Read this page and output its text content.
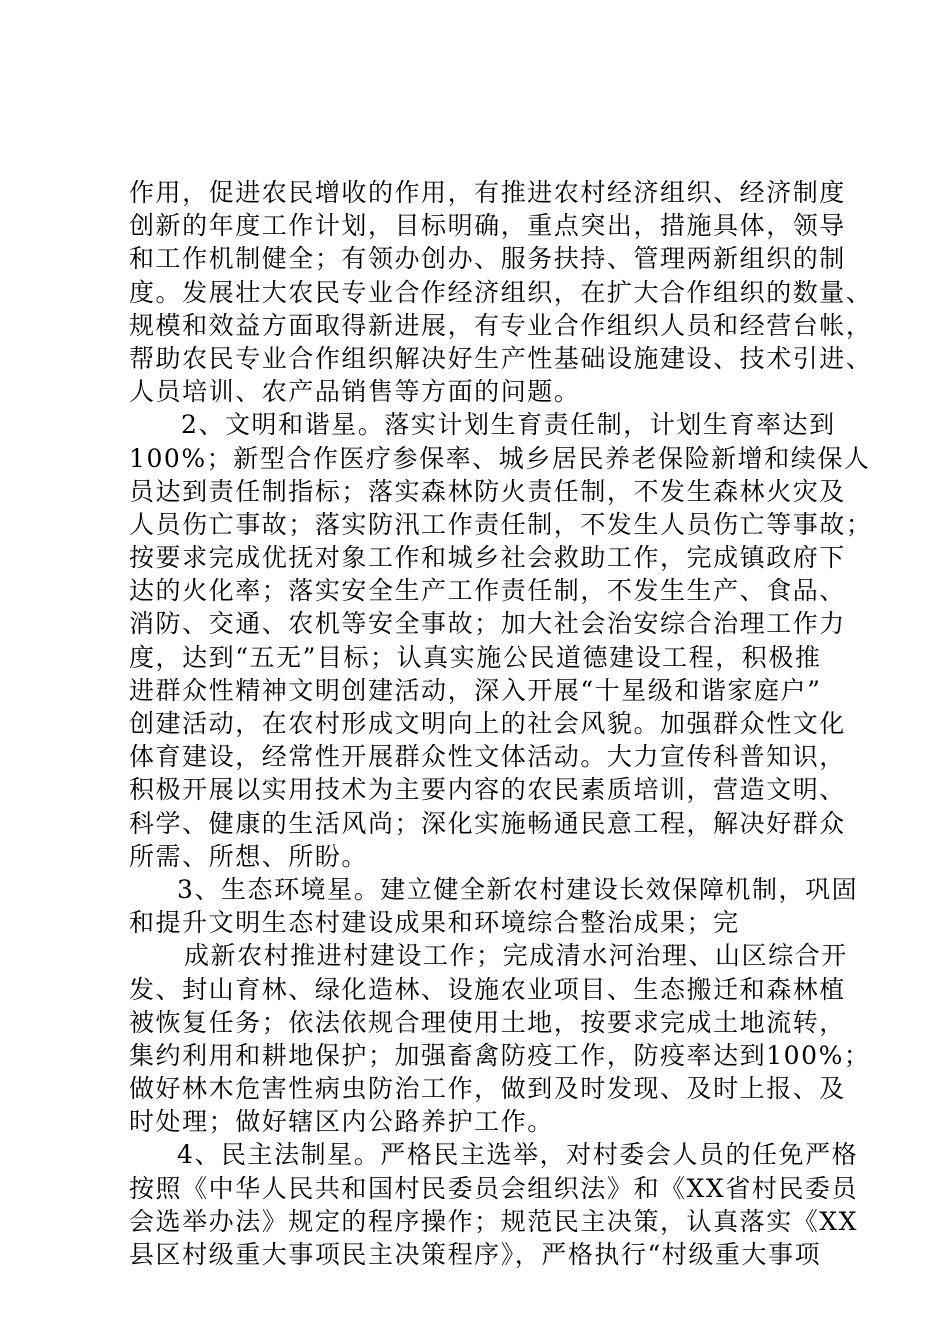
作用，促进农民增收的作用，有推进农村经济组织、经济制度
创新的年度工作计划，目标明确，重点突出，措施具体，领导
和工作机制健全；有领办创办、服务扶持、管理两新组织的制
度。发展壮大农民专业合作经济组织，在扩大合作组织的数量、
规模和效益方面取得新进展，有专业合作组织人员和经营台帐，
帮助农民专业合作组织解决好生产性基础设施建设、技术引进、
人员培训、农产品销售等方面的问题。
2、文明和谐星。落实计划生育责任制，计划生育率达到
100%；新型合作医疗参保率、城乡居民养老保险新增和续保人
员达到责任制指标；落实森林防火责任制，不发生森林火灾及
人员伤亡事故；落实防汛工作责任制，不发生人员伤亡等事故；
按要求完成优抚对象工作和城乡社会救助工作，完成镇政府下
达的火化率；落实安全生产工作责任制，不发生生产、食品、
消防、交通、农机等安全事故；加大社会治安综合治理工作力
度，达到“五无”目标；认真实施公民道德建设工程，积极推
进群众性精神文明创建活动，深入开展“十星级和谐家庭户”
创建活动，在农村形成文明向上的社会风貌。加强群众性文化
体育建设，经常性开展群众性文体活动。大力宣传科普知识，
积极开展以实用技术为主要内容的农民素质培训，营造文明、
科学、健康的生活风尚；深化实施畅通民意工程，解决好群众
所需、所想、所盼。
3、生态环境星。建立健全新农村建设长效保障机制，巩固
和提升文明生态村建设成果和环境综合整治成果；完
成新农村推进村建设工作；完成清水河治理、山区综合开
发、封山育林、绿化造林、设施农业项目、生态搬迁和森林植
被恢复任务；依法依规合理使用土地，按要求完成土地流转，
集约利用和耕地保护；加强畜禽防疫工作，防疫率达到100%；
做好林木危害性病虫防治工作，做到及时发现、及时上报、及
时处理；做好辖区内公路养护工作。
4、民主法制星。严格民主选举，对村委会人员的任免严格
按照《中华人民共和国村民委员会组织法》和《XX省村民委员
会选举办法》规定的程序操作；规范民主决策，认真落实《XX
县区村级重大事项民主决策程序》，严格执行“村级重大事项
